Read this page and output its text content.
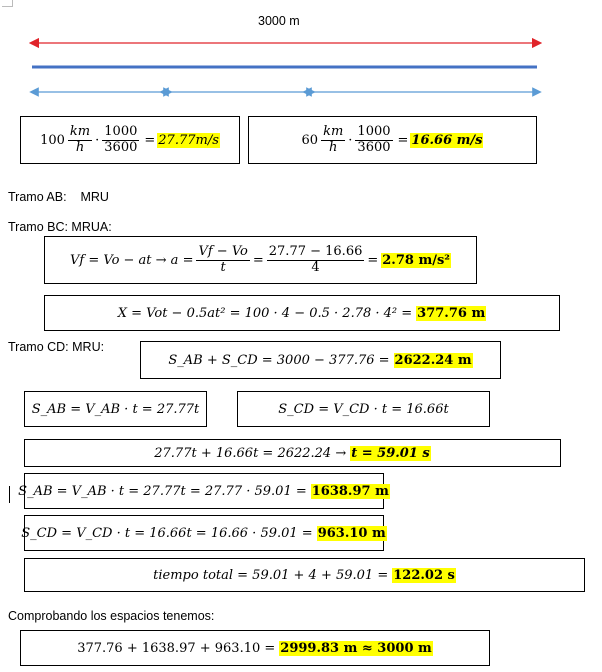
3000 m
$100 \frac{km}{h} \cdot \frac{1000}{3600} = 27.77m/s$	$60 \frac{km}{h} \cdot \frac{1000}{3600} = 16.66$ m/s
Tramo AB:    MRU
Tramo BC: MRUA:
Vf = Vo − at → $a = \frac{Vf - Vo}{t} = \frac{27.77 - 16.66}{4} = 2.78$ m/s²
X = Vot − 0.5at² = 100 · 4 − 0.5 · 2.78 · 4² = 377.76 m
Tramo CD: MRU:
S_AB + S_CD = 3000 − 377.76 = 2622.24 m
S_AB = V_AB · t = 27.77t	S_CD = V_CD · t = 16.66t
27.77t + 16.66t = 2622.24 → t = 59.01 s
S_AB = V_AB · t = 27.77t = 27.77 · 59.01 = 1638.97 m
S_CD = V_CD · t = 16.66t = 16.66 · 59.01 = 963.10 m
tiempo total = 59.01 + 4 + 59.01 = 122.02 s
Comprobando los espacios tenemos:
377.76 + 1638.97 + 963.10 = 2999.83 m ≈ 3000 m
